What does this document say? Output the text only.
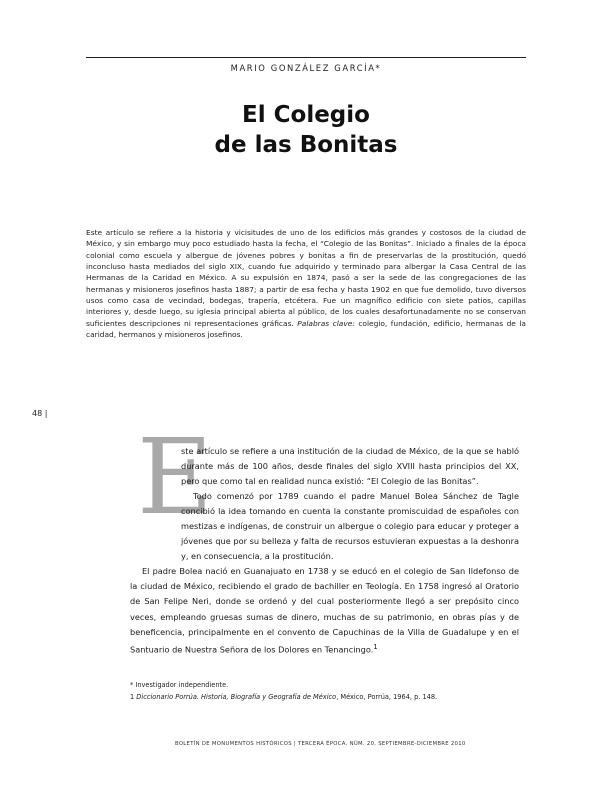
MARIO GONZÁLEZ GARCÍA*
El Colegio
de las Bonitas
Este artículo se refiere a la historia y vicisitudes de uno de los edificios más grandes y costosos de la ciudad de México, y sin embargo muy poco estudiado hasta la fecha, el “Colegio de las Bonitas”. Iniciado a finales de la época colonial como escuela y albergue de jóvenes pobres y bonitas a fin de preservarlas de la prostitución, quedó inconcluso hasta mediados del siglo XIX, cuando fue adquirido y terminado para albergar la Casa Central de las Hermanas de la Caridad en México. A su expulsión en 1874, pasó a ser la sede de las congregaciones de las hermanas y misioneros josefinos hasta 1887; a partir de esa fecha y hasta 1902 en que fue demolido, tuvo diversos usos como casa de vecindad, bodegas, trapería, etcétera. Fue un magnífico edificio con siete patios, capillas interiores y, desde luego, su iglesia principal abierta al público, de los cuales desafortunadamente no se conservan suficientes descripciones ni representaciones gráficas. Palabras clave: colegio, fundación, edificio, hermanas de la caridad, hermanos y misioneros josefinos.
48 |
E

ste artículo se refiere a una institución de la ciudad de México, de la que se habló durante más de 100 años, desde finales del siglo XVIII hasta principios del XX, pero que como tal en realidad nunca existió: “El Colegio de las Bonitas”.

Todo comenzó por 1789 cuando el padre Manuel Bolea Sánchez de Tagle concibió la idea tomando en cuenta la constante promiscuidad de españoles con mestizas e indígenas, de construir un albergue o colegio para educar y proteger a jóvenes que por su belleza y falta de recursos estuvieran expuestas a la deshonra y, en consecuencia, a la prostitución.

El padre Bolea nació en Guanajuato en 1738 y se educó en el colegio de San Ildefonso de la ciudad de México, recibiendo el grado de bachiller en Teología. En 1758 ingresó al Oratorio de San Felipe Neri, donde se ordenó y del cual posteriormente llegó a ser prepósito cinco veces, empleando gruesas sumas de dinero, muchas de su patrimonio, en obras pías y de beneficencia, principalmente en el convento de Capuchinas de la Villa de Guadalupe y en el Santuario de Nuestra Señora de los Dolores en Tenancingo.$^1$

* Investigador independiente.
1 Diccionario Porrúa. Historia, Biografía y Geografía de México, México, Porrúa, 1964, p. 148.
BOLETÍN DE MONUMENTOS HISTÓRICOS | TERCERA ÉPOCA, NÚM. 20, SEPTIEMBRE-DICIEMBRE 2010
